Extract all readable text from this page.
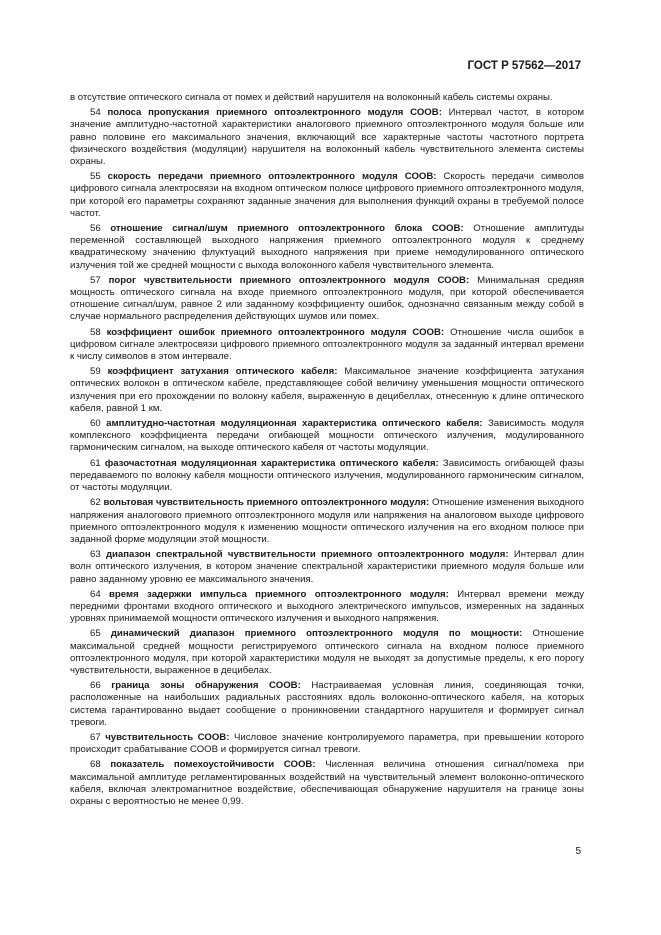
ГОСТ Р 57562—2017

в отсутствие оптического сигнала от помех и действий нарушителя на волоконный кабель системы охраны.

54 полоса пропускания приемного оптоэлектронного модуля СООВ: Интервал частот, в котором значение амплитудно-частотной характеристики аналогового приемного оптоэлектронного модуля больше или равно половине его максимального значения, включающий все характерные частоты частотного портрета физического воздействия (модуляции) нарушителя на волоконный кабель чувствительного элемента системы охраны.

55 скорость передачи приемного оптоэлектронного модуля СООВ: Скорость передачи символов цифрового сигнала электросвязи на входном оптическом полюсе цифрового приемного оптоэлектронного модуля, при которой его параметры сохраняют заданные значения для выполнения функций охраны в требуемой полосе частот.

56 отношение сигнал/шум приемного оптоэлектронного блока СООВ: Отношение амплитуды переменной составляющей выходного напряжения приемного оптоэлектронного модуля к среднему квадратическому значению флуктуаций выходного напряжения при приеме немодулированного оптического излучения той же средней мощности с выхода волоконного кабеля чувствительного элемента.

57 порог чувствительности приемного оптоэлектронного модуля СООВ: Минимальная средняя мощность оптического сигнала на входе приемного оптоэлектронного модуля, при которой обеспечивается отношение сигнал/шум, равное 2 или заданному коэффициенту ошибок, однозначно связанным между собой в случае нормального распределения действующих шумов или помех.

58 коэффициент ошибок приемного оптоэлектронного модуля СООВ: Отношение числа ошибок в цифровом сигнале электросвязи цифрового приемного оптоэлектронного модуля за заданный интервал времени к числу символов в этом интервале.

59 коэффициент затухания оптического кабеля: Максимальное значение коэффициента затухания оптических волокон в оптическом кабеле, представляющее собой величину уменьшения мощности оптического излучения при его прохождении по волокну кабеля, выраженную в децибеллах, отнесенную к длине оптического кабеля, равной 1 км.

60 амплитудно-частотная модуляционная характеристика оптического кабеля: Зависимость модуля комплексного коэффициента передачи огибающей мощности оптического излучения, модулированного гармоническим сигналом, на выходе оптического кабеля от частоты модуляции.

61 фазочастотная модуляционная характеристика оптического кабеля: Зависимость огибающей фазы передаваемого по волокну кабеля мощности оптического излучения, модулированного гармоническим сигналом, от частоты модуляции.

62 вольтовая чувствительность приемного оптоэлектронного модуля: Отношение изменения выходного напряжения аналогового приемного оптоэлектронного модуля или напряжения на аналоговом выходе цифрового приемного оптоэлектронного модуля к изменению мощности оптического излучения на его входном полюсе при заданной форме модуляции этой мощности.

63 диапазон спектральной чувствительности приемного оптоэлектронного модуля: Интервал длин волн оптического излучения, в котором значение спектральной характеристики приемного модуля больше или равно заданному уровню ее максимального значения.

64 время задержки импульса приемного оптоэлектронного модуля: Интервал времени между передними фронтами входного оптического и выходного электрического импульсов, измеренных на заданных уровнях принимаемой мощности оптического излучения и выходного напряжения.

65 динамический диапазон приемного оптоэлектронного модуля по мощности: Отношение максимальной средней мощности регистрируемого оптического сигнала на входном полюсе приемного оптоэлектронного модуля, при которой характеристики модуля не выходят за допустимые пределы, к его порогу чувствительности, выраженное в децибелах.

66 граница зоны обнаружения СООВ: Настраиваемая условная линия, соединяющая точки, расположенные на наибольших радиальных расстояниях вдоль волоконно-оптического кабеля, на которых система гарантированно выдает сообщение о проникновении стандартного нарушителя и формирует сигнал тревоги.

67 чувствительность СООВ: Числовое значение контролируемого параметра, при превышении которого происходит срабатывание СООВ и формируется сигнал тревоги.

68 показатель помехоустойчивости СООВ: Численная величина отношения сигнал/помеха при максимальной амплитуде регламентированных воздействий на чувствительный элемент волоконно-оптического кабеля, включая электромагнитное воздействие, обеспечивающая обнаружение нарушителя на границе зоны охраны с вероятностью не менее 0,99.

5
